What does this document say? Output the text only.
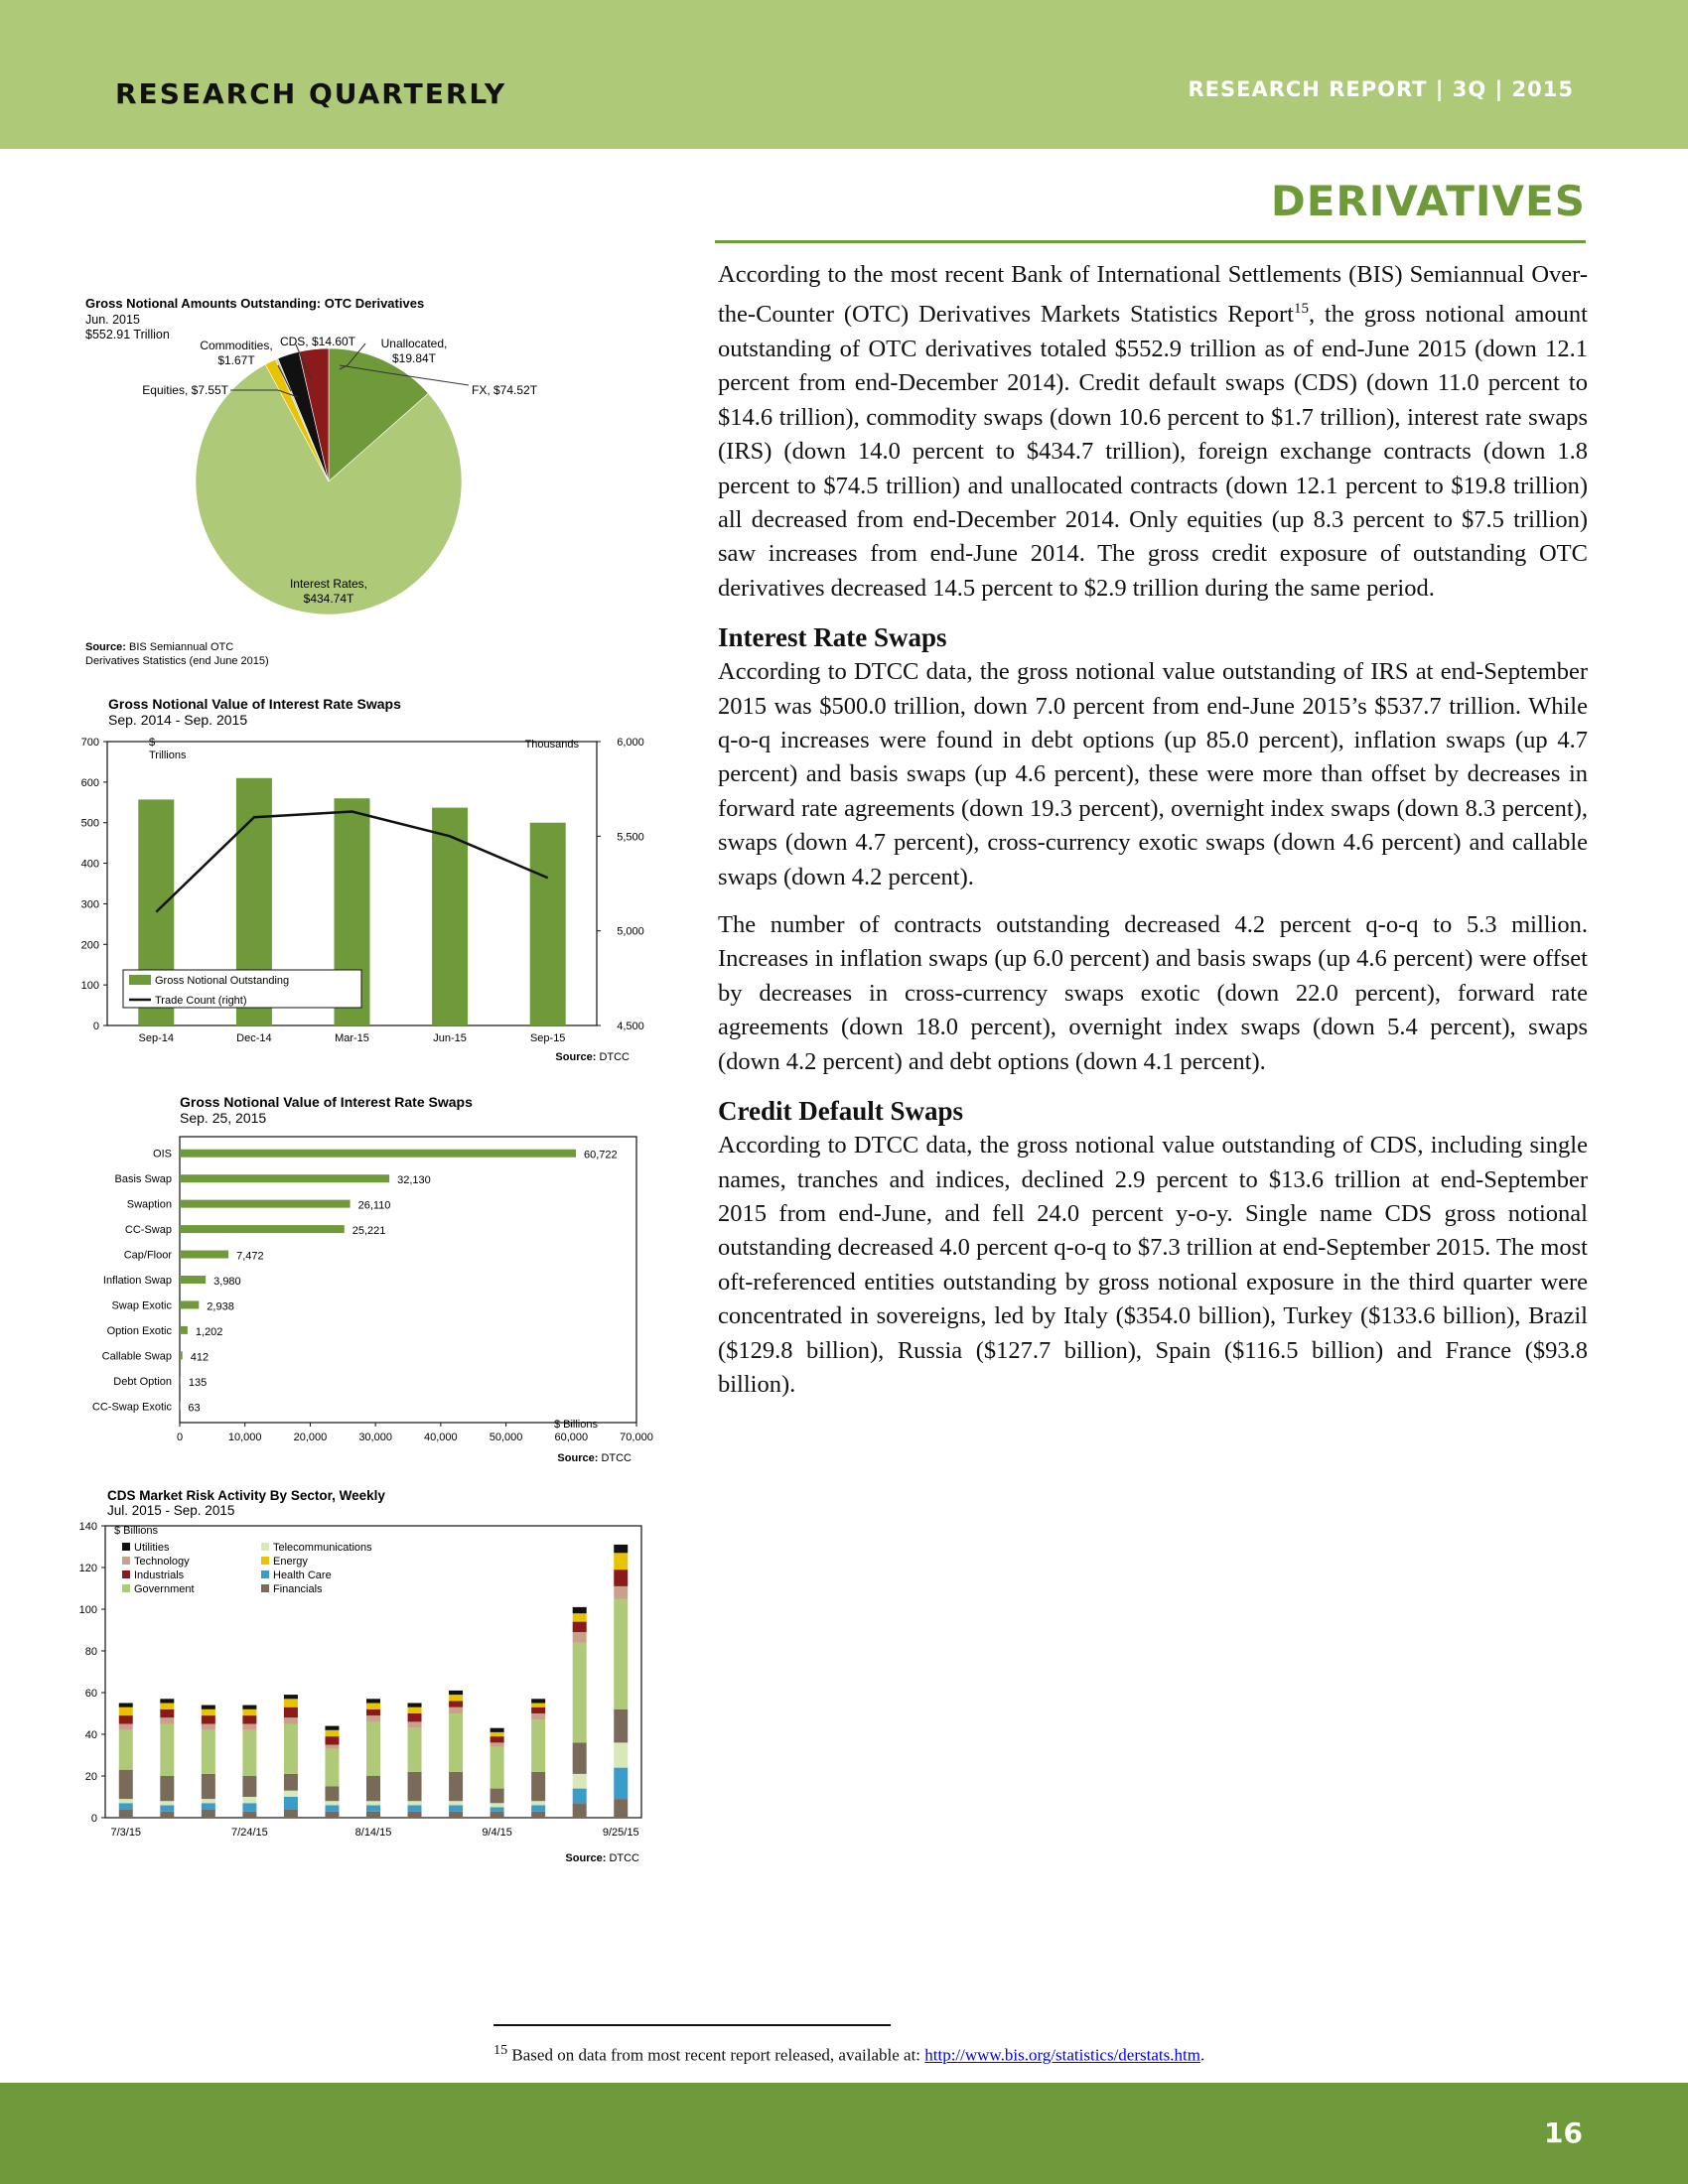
RESEARCH QUARTERLY	RESEARCH REPORT | 3Q | 2015
DERIVATIVES
Gross Notional Amounts Outstanding: OTC Derivatives
Jun. 2015
$552.91 Trillion
FX, $74.52T
Interest Rates,
$434.74T
Equities, $7.55T
Commodities,
$1.67T
CDS, $14.60T Unallocated,
$19.84T
Source: BIS Semiannual OTC
Derivatives Statistics (end June 2015)
Gross Notional Value of Interest Rate Swaps
Sep. 2014 - Sep. 2015
$
Trillions
Thousands
0
100
200
300
400
500
600
700
4,500
5,000
5,500
6,000
Sep-14	Dec-14	Mar-15	Jun-15	Sep-15
Gross Notional Outstanding
Trade Count (right)
Source: DTCC
Gross Notional Value of Interest Rate Swaps
Sep. 25, 2015
OIS	60,722
Basis Swap	32,130
Swaption	26,110
CC-Swap	25,221
Cap/Floor	7,472
Inflation Swap	3,980
Swap Exotic	2,938
Option Exotic 1,202
Callable Swap 412
Debt Option 135
CC-Swap Exotic 63
0	10,000	20,000	30,000	40,000	50,000	60,000	70,000
$ Billions
Source: DTCC
CDS Market Risk Activity By Sector, Weekly
Jul. 2015 - Sep. 2015
$ Billions
0
20
40
60
80
100
120
140
7/3/15	7/24/15	8/14/15	9/4/15	9/25/15
Utilities	Telecommunications
Technology	Energy
Industrials	Health Care
Government	Financials
Source: DTCC

According to the most recent Bank of International Settlements (BIS) Semiannual Over-the-Counter (OTC) Derivatives Markets Statistics Report$^{15}$, the gross notional amount outstanding of OTC derivatives totaled $552.9 trillion as of end-June 2015 (down 12.1 percent from end-December 2014). Credit default swaps (CDS) (down 11.0 percent to $14.6 trillion), commodity swaps (down 10.6 percent to $1.7 trillion), interest rate swaps (IRS) (down 14.0 percent to $434.7 trillion), foreign exchange contracts (down 1.8 percent to $74.5 trillion) and unallocated contracts (down 12.1 percent to $19.8 trillion) all decreased from end-December 2014. Only equities (up 8.3 percent to $7.5 trillion) saw increases from end-June 2014. The gross credit exposure of outstanding OTC derivatives decreased 14.5 percent to $2.9 trillion during the same period.

Interest Rate Swaps

According to DTCC data, the gross notional value outstanding of IRS at end-September 2015 was $500.0 trillion, down 7.0 percent from end-June 2015’s $537.7 trillion. While q-o-q increases were found in debt options (up 85.0 percent), inflation swaps (up 4.7 percent) and basis swaps (up 4.6 percent), these were more than offset by decreases in forward rate agreements (down 19.3 percent), overnight index swaps (down 8.3 percent), swaps (down 4.7 percent), cross-currency exotic swaps (down 4.6 percent) and callable swaps (down 4.2 percent).

The number of contracts outstanding decreased 4.2 percent q-o-q to 5.3 million. Increases in inflation swaps (up 6.0 percent) and basis swaps (up 4.6 percent) were offset by decreases in cross-currency swaps exotic (down 22.0 percent), forward rate agreements (down 18.0 percent), overnight index swaps (down 5.4 percent), swaps (down 4.2 percent) and debt options (down 4.1 percent).

Credit Default Swaps

According to DTCC data, the gross notional value outstanding of CDS, including single names, tranches and indices, declined 2.9 percent to $13.6 trillion at end-September 2015 from end-June, and fell 24.0 percent y-o-y. Single name CDS gross notional outstanding decreased 4.0 percent q-o-q to $7.3 trillion at end-September 2015. The most oft-referenced entities outstanding by gross notional exposure in the third quarter were concentrated in sovereigns, led by Italy ($354.0 billion), Turkey ($133.6 billion), Brazil ($129.8 billion), Russia ($127.7 billion), Spain ($116.5 billion) and France ($93.8 billion).

$^{15}$ Based on data from most recent report released, available at: http://www.bis.org/statistics/derstats.htm.
16
